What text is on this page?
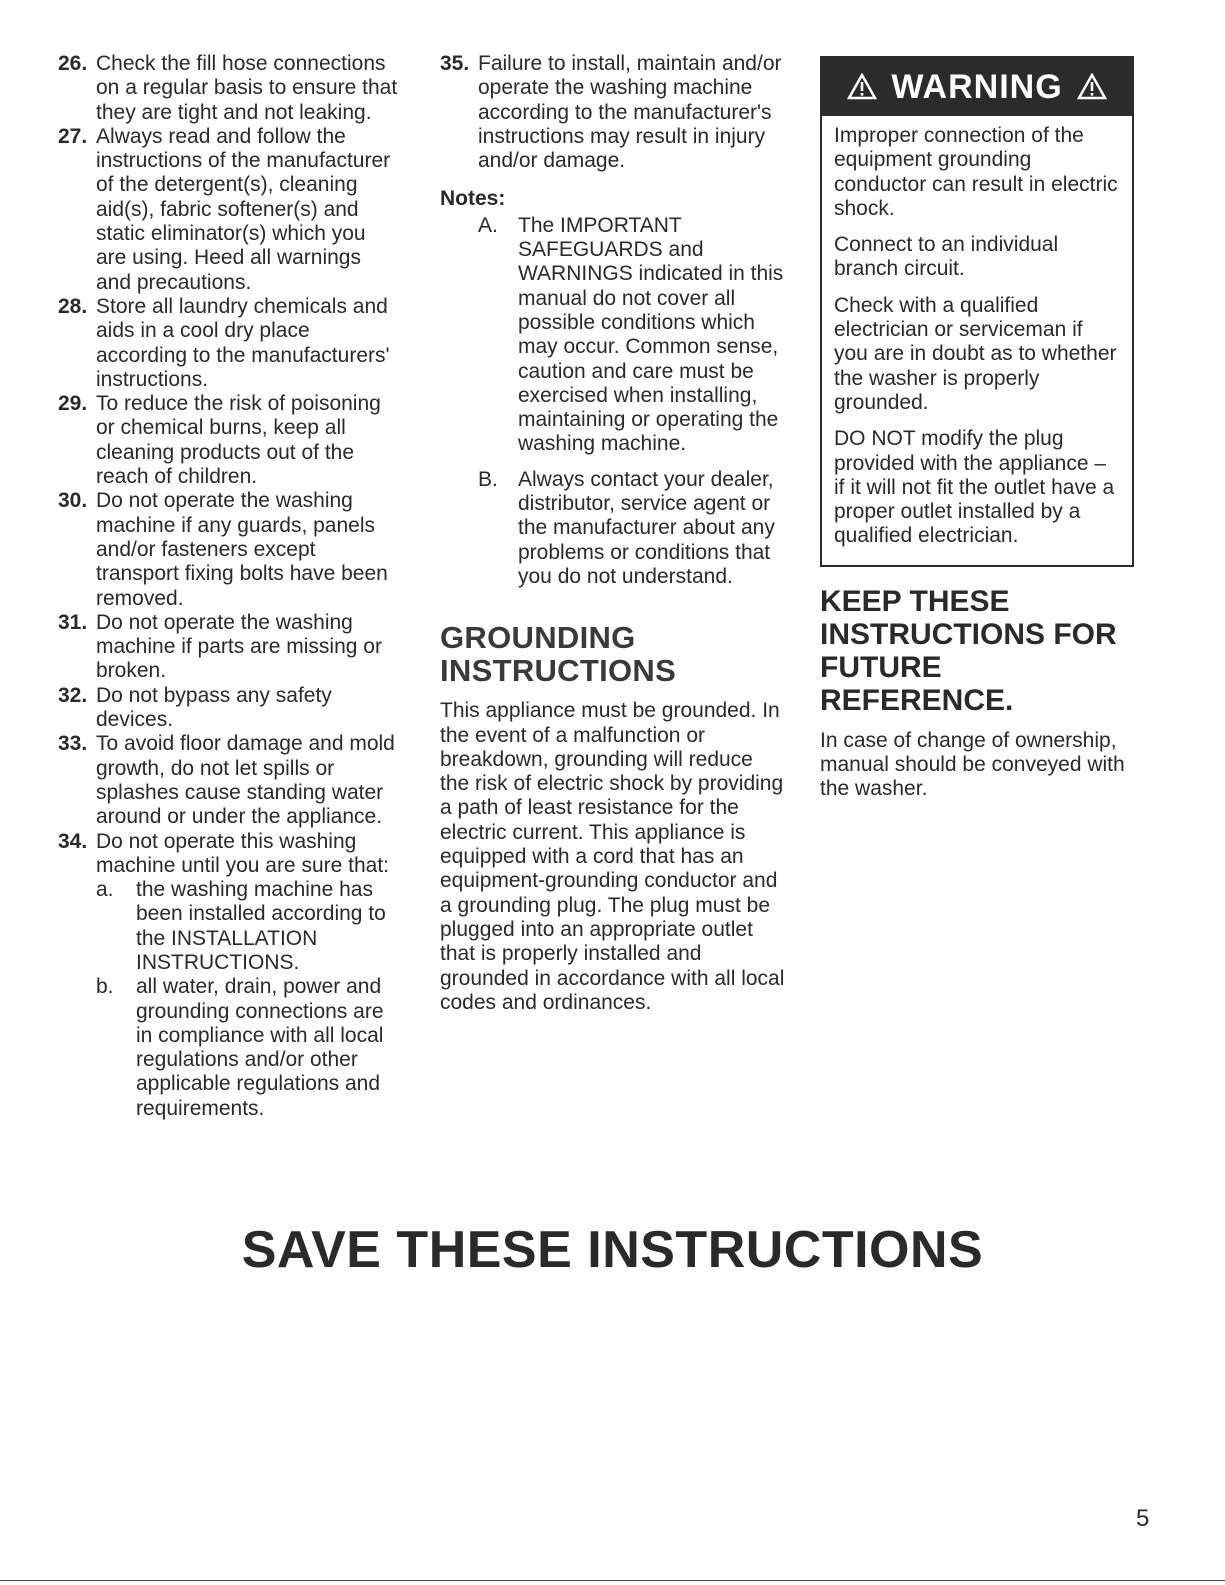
26. Check the fill hose connections on a regular basis to ensure that they are tight and not leaking.
27. Always read and follow the instructions of the manufacturer of the detergent(s), cleaning aid(s), fabric softener(s) and static eliminator(s) which you are using. Heed all warnings and precautions.
28. Store all laundry chemicals and aids in a cool dry place according to the manufacturers' instructions.
29. To reduce the risk of poisoning or chemical burns, keep all cleaning products out of the reach of children.
30. Do not operate the washing machine if any guards, panels and/or fasteners except transport fixing bolts have been removed.
31. Do not operate the washing machine if parts are missing or broken.
32. Do not bypass any safety devices.
33. To avoid floor damage and mold growth, do not let spills or splashes cause standing water around or under the appliance.
34. Do not operate this washing machine until you are sure that:
a. the washing machine has been installed according to the INSTALLATION INSTRUCTIONS.
b. all water, drain, power and grounding connections are in compliance with all local regulations and/or other applicable regulations and requirements.
35. Failure to install, maintain and/or operate the washing machine according to the manufacturer's instructions may result in injury and/or damage.
Notes:
A. The IMPORTANT SAFEGUARDS and WARNINGS indicated in this manual do not cover all possible conditions which may occur. Common sense, caution and care must be exercised when installing, maintaining or operating the washing machine.
B. Always contact your dealer, distributor, service agent or the manufacturer about any problems or conditions that you do not understand.
GROUNDING
INSTRUCTIONS

This appliance must be grounded. In the event of a malfunction or breakdown, grounding will reduce the risk of electric shock by providing a path of least resistance for the electric current. This appliance is equipped with a cord that has an equipment-grounding conductor and a grounding plug. The plug must be plugged into an appropriate outlet that is properly installed and grounded in accordance with all local codes and ordinances.

WARNING

Improper connection of the equipment grounding conductor can result in electric shock.

Connect to an individual branch circuit.

Check with a qualified electrician or serviceman if you are in doubt as to whether the washer is properly grounded.

DO NOT modify the plug provided with the appliance – if it will not fit the outlet have a proper outlet installed by a qualified electrician.

KEEP THESE
INSTRUCTIONS FOR
FUTURE REFERENCE.

In case of change of ownership, manual should be conveyed with the washer.

SAVE THESE INSTRUCTIONS
5
